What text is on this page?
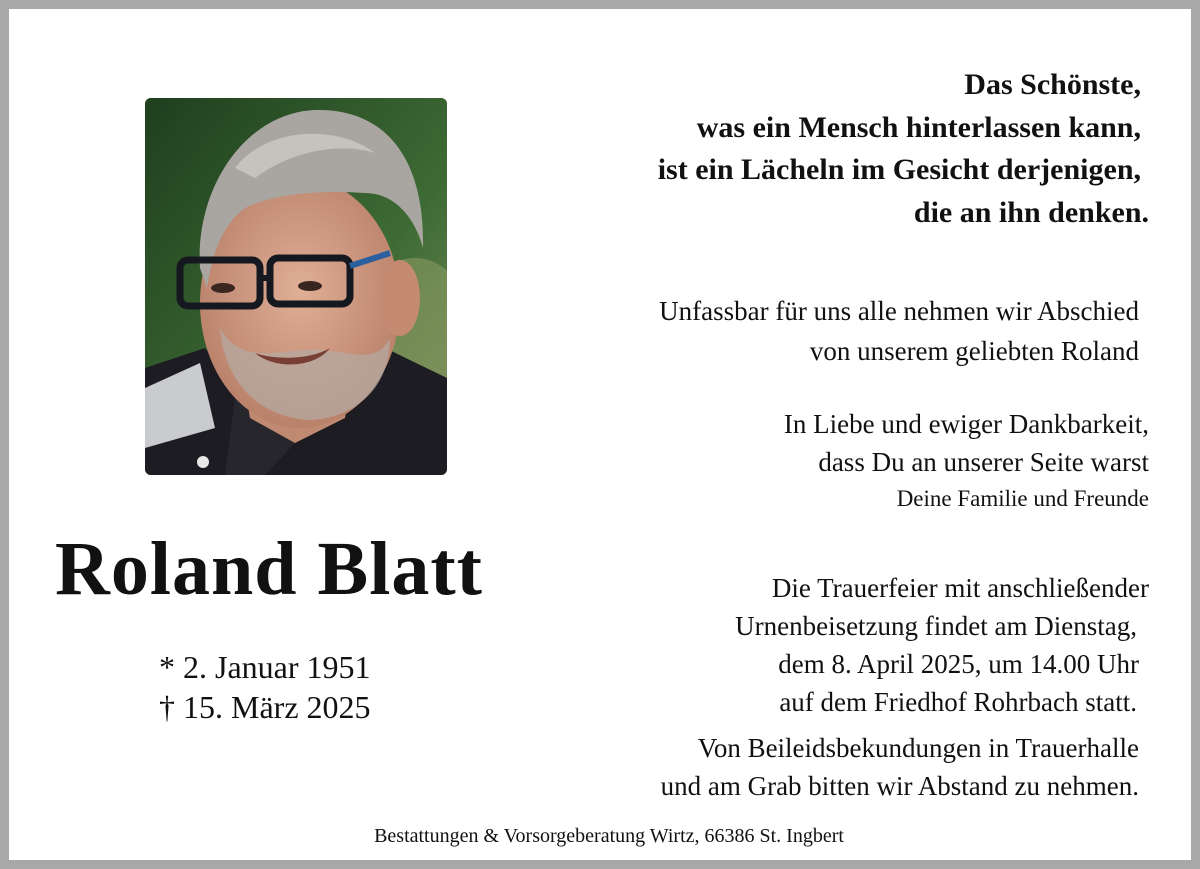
Roland Blatt
* 2. Januar 1951
† 15. März 2025
Das Schönste,
was ein Mensch hinterlassen kann,
ist ein Lächeln im Gesicht derjenigen,
die an ihn denken.
Unfassbar für uns alle nehmen wir Abschied
von unserem geliebten Roland
In Liebe und ewiger Dankbarkeit,
dass Du an unserer Seite warst
Deine Familie und Freunde
Die Trauerfeier mit anschließender
Urnenbeisetzung findet am Dienstag,
dem 8. April 2025, um 14.00 Uhr
auf dem Friedhof Rohrbach statt.
Von Beileidsbekundungen in Trauerhalle
und am Grab bitten wir Abstand zu nehmen.
Bestattungen & Vorsorgeberatung Wirtz, 66386 St. Ingbert
